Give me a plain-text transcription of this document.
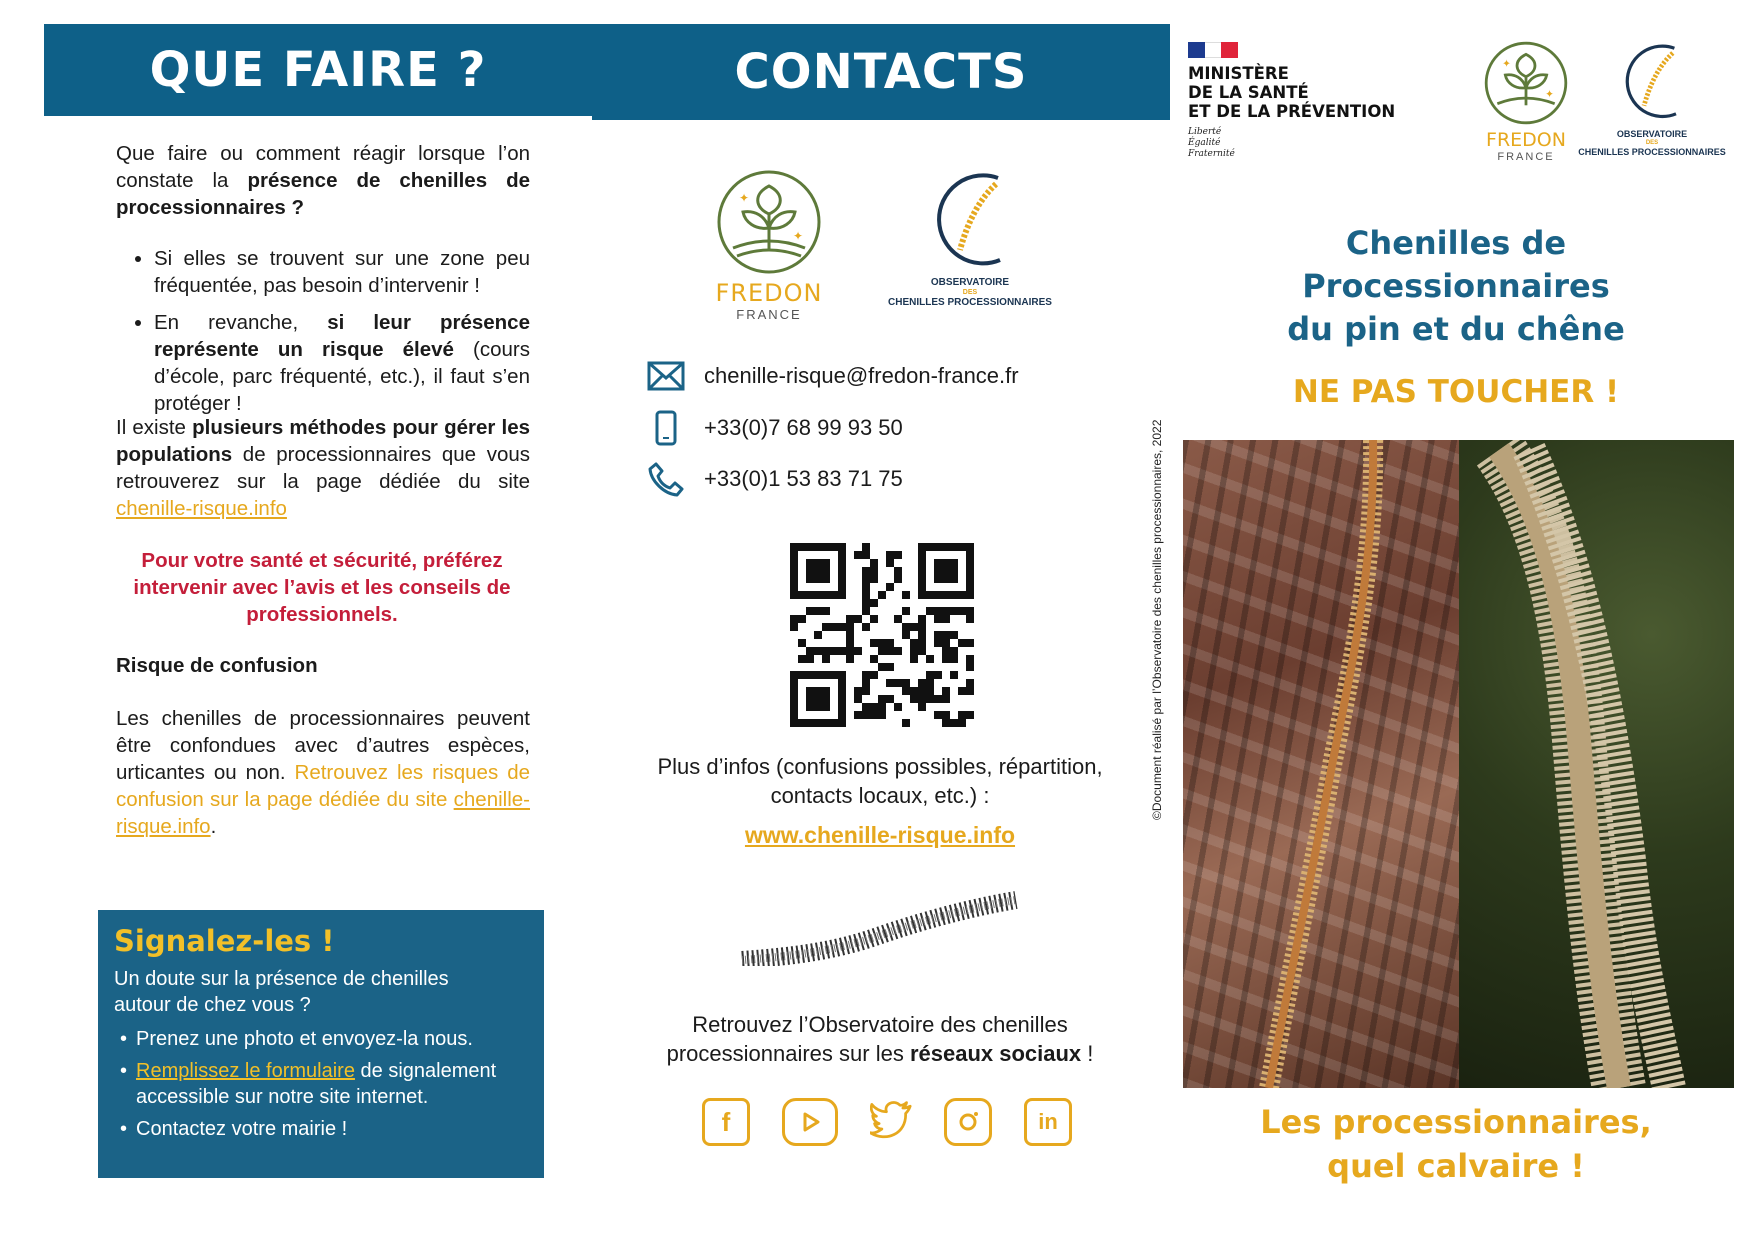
QUE FAIRE ?
Que faire ou comment réagir lorsque l’on constate la présence de chenilles de processionnaires ?
• Si elles se trouvent sur une zone peu fréquentée, pas besoin d’intervenir !
• En revanche, si leur présence représente un risque élevé (cours d’école, parc fréquenté, etc.), il faut s’en protéger !
Il existe plusieurs méthodes pour gérer les populations de processionnaires que vous retrouverez sur la page dédiée du site chenille-risque.info
Pour votre santé et sécurité, préférez intervenir avec l’avis et les conseils de professionnels.
Risque de confusion
Les chenilles de processionnaires peuvent être confondues avec d’autres espèces, urticantes ou non. Retrouvez les risques de confusion sur la page dédiée du site chenille-risque.info.
Signalez-les !

Un doute sur la présence de chenilles autour de chez vous ?

• Prenez une photo et envoyez-la nous.
• Remplissez le formulaire de signalement accessible sur notre site internet.
• Contactez votre mairie !
CONTACTS
✦
✦
FREDON
FRANCE
OBSERVATOIRE
DES
CHENILLES PROCESSIONNAIRES
chenille-risque@fredon-france.fr
+33(0)7 68 99 93 50
+33(0)1 53 83 71 75
Plus d’infos (confusions possibles, répartition, contacts locaux, etc.) :
www.chenille-risque.info
Retrouvez l’Observatoire des chenilles processionnaires sur les réseaux sociaux !
f	in
©Document réalisé par l’Observatoire des chenilles processionnaires, 2022
MINISTÈRE
DE LA SANTÉ
ET DE LA PRÉVENTION
Liberté
Égalité
Fraternité
✦
✦
FREDON
FRANCE
OBSERVATOIRE
DES
CHENILLES PROCESSIONNAIRES
Chenilles de
Processionnaires
du pin et du chêne
NE PAS TOUCHER !
Les processionnaires,
quel calvaire !
